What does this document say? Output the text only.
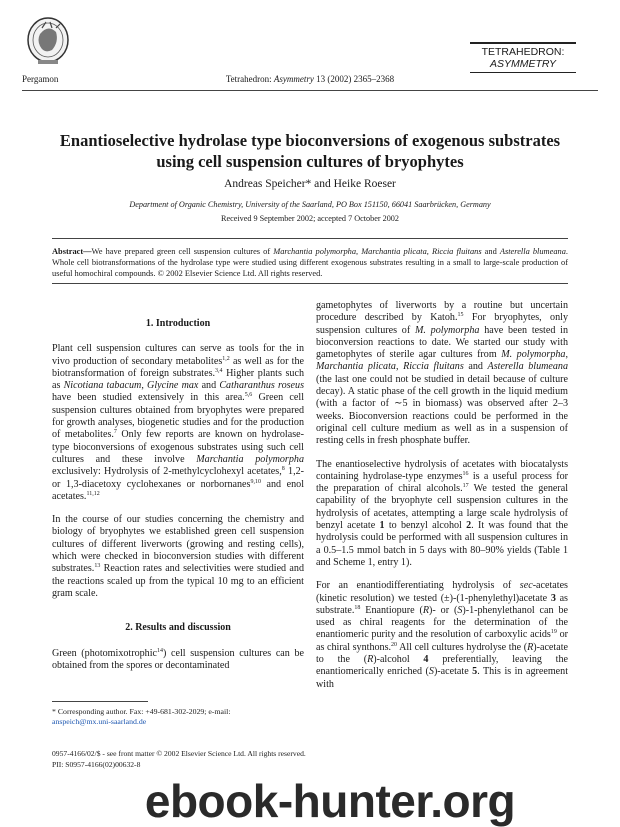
Pergamon	Tetrahedron: Asymmetry 13 (2002) 2365–2368
TETRAHEDRON:
ASYMMETRY
Enantioselective hydrolase type bioconversions of exogenous substrates using cell suspension cultures of bryophytes
Andreas Speicher* and Heike Roeser
Department of Organic Chemistry, University of the Saarland, PO Box 151150, 66041 Saarbrücken, Germany
Received 9 September 2002; accepted 7 October 2002
Abstract—We have prepared green cell suspension cultures of Marchantia polymorpha, Marchantia plicata, Riccia fluitans and Asterella blumeana. Whole cell biotransformations of the hydrolase type were studied using different exogenous substrates resulting in a small to large-scale production of useful homochiral compounds. © 2002 Elsevier Science Ltd. All rights reserved.

1. Introduction

Plant cell suspension cultures can serve as tools for the in vivo production of secondary metabolites$^{1,2}$ as well as for the biotransformation of foreign substrates.$^{3,4}$ Higher plants such as Nicotiana tabacum, Glycine max and Catharanthus roseus have been studied extensively in this area.$^{5,6}$ Green cell suspension cultures obtained from bryophytes were prepared for growth analyses, biogenetic studies and for the production of metabolites.$^7$ Only few reports are known on hydrolase-type bioconversions of exogenous substrates using such cell cultures and these involve Marchantia polymorpha exclusively: Hydrolysis of 2-methylcyclohexyl acetates,$^8$ 1,2- or 1,3-diacetoxy cyclohexanes or norbornanes$^{9,10}$ and enol acetates.$^{11,12}$

In the course of our studies concerning the chemistry and biology of bryophytes we established green cell suspension cultures of different liverworts (growing and resting cells), which were checked in bioconversion studies with different substrates.$^{13}$ Reaction rates and selectivities were studied and the reactions scaled up from the typical 10 mg to an efficient gram scale.

2. Results and discussion

Green (photomixotrophic$^{14}$) cell suspension cultures can be obtained from the spores or decontaminated

gametophytes of liverworts by a routine but uncertain procedure described by Katoh.$^{15}$ For bryophytes, only suspension cultures of M. polymorpha have been tested in bioconversion reactions to date. We started our study with gametophytes of sterile agar cultures from M. polymorpha, Marchantia plicata, Riccia fluitans and Asterella blumeana (the last one could not be studied in detail because of culture decay). A static phase of the cell growth in the liquid medium (with a factor of ∼5 in biomass) was observed after 2–3 weeks. Bioconversion reactions could be performed in the original cell culture medium as well as in a suspension of resting cells in fresh phosphate buffer.

The enantioselective hydrolysis of acetates with biocatalysts containing hydrolase-type enzymes$^{16}$ is a useful process for the preparation of chiral alcohols.$^{17}$ We tested the general capability of the bryophyte cell suspension cultures in the hydrolysis of acetates, attempting a large scale hydrolysis of benzyl acetate 1 to benzyl alcohol 2. It was found that the hydrolysis could be performed with all suspension cultures in a 0.5–1.5 mmol batch in 5 days with 80–90% yields (Table 1 and Scheme 1, entry 1).

For an enantiodifferentiating hydrolysis of sec-acetates (kinetic resolution) we tested (±)-(1-phenylethyl)acetate 3 as substrate.$^{18}$ Enantiopure (R)- or (S)-1-phenylethanol can be used as chiral reagents for the determination of the enantiomeric purity and the resolution of carboxylic acids$^{19}$ or as chiral synthons.$^{20}$ All cell cultures hydrolyse the (R)-acetate to the (R)-alcohol 4 preferentially, leaving the enantiomerically enriched (S)-acetate 5. This is in agreement with

* Corresponding author. Fax: +49-681-302-2029; e-mail:
anspeich@mx.uni-saarland.de
0957-4166/02/$ - see front matter © 2002 Elsevier Science Ltd. All rights reserved.
PII: S0957-4166(02)00632-8
ebook-hunter.org
